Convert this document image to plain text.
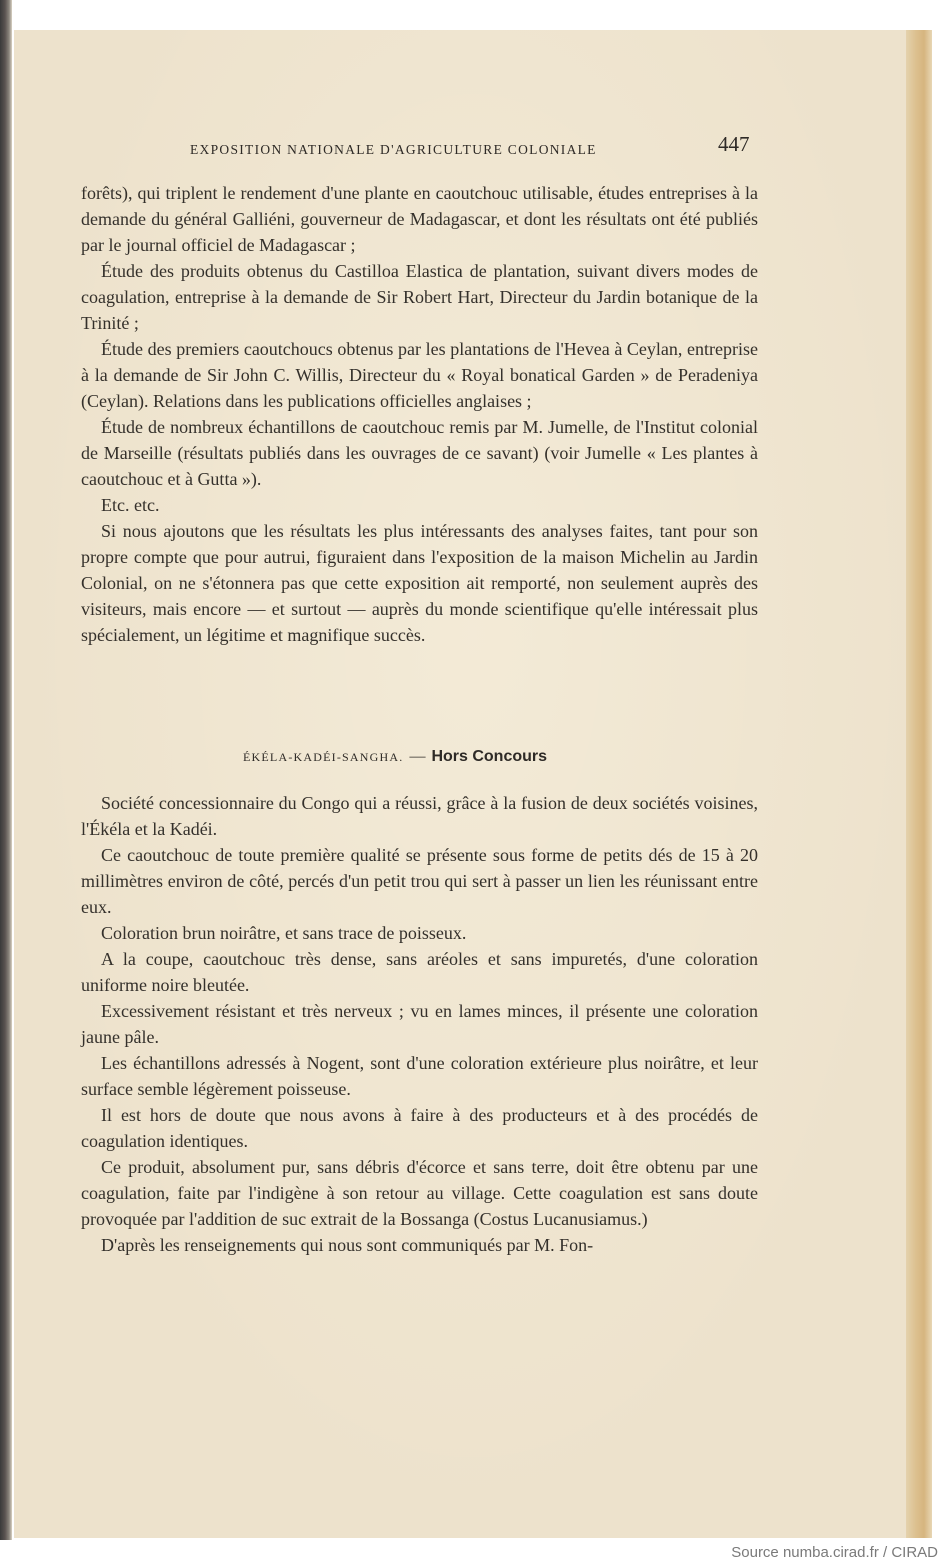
EXPOSITION NATIONALE D'AGRICULTURE COLONIALE	447

forêts), qui triplent le rendement d'une plante en caoutchouc utilisable, études entreprises à la demande du général Galliéni, gouverneur de Madagascar, et dont les résultats ont été publiés par le journal officiel de Madagascar ;

Étude des produits obtenus du Castilloa Elastica de plantation, suivant divers modes de coagulation, entreprise à la demande de Sir Robert Hart, Directeur du Jardin botanique de la Trinité ;

Étude des premiers caoutchoucs obtenus par les plantations de l'Hevea à Ceylan, entreprise à la demande de Sir John C. Willis, Directeur du « Royal bonatical Garden » de Peradeniya (Ceylan). Relations dans les publications officielles anglaises ;

Étude de nombreux échantillons de caoutchouc remis par M. Jumelle, de l'Institut colonial de Marseille (résultats publiés dans les ouvrages de ce savant) (voir Jumelle « Les plantes à caoutchouc et à Gutta »).

Etc. etc.

Si nous ajoutons que les résultats les plus intéressants des analyses faites, tant pour son propre compte que pour autrui, figuraient dans l'exposition de la maison Michelin au Jardin Colonial, on ne s'étonnera pas que cette exposition ait remporté, non seulement auprès des visiteurs, mais encore — et surtout — auprès du monde scientifique qu'elle intéressait plus spécialement, un légitime et magnifique succès.

ÉKÉLA-KADÉI-SANGHA. — Hors Concours

Société concessionnaire du Congo qui a réussi, grâce à la fusion de deux sociétés voisines, l'Ékéla et la Kadéi.

Ce caoutchouc de toute première qualité se présente sous forme de petits dés de 15 à 20 millimètres environ de côté, percés d'un petit trou qui sert à passer un lien les réunissant entre eux.

Coloration brun noirâtre, et sans trace de poisseux.

A la coupe, caoutchouc très dense, sans aréoles et sans impuretés, d'une coloration uniforme noire bleutée.

Excessivement résistant et très nerveux ; vu en lames minces, il présente une coloration jaune pâle.

Les échantillons adressés à Nogent, sont d'une coloration extérieure plus noirâtre, et leur surface semble légèrement poisseuse.

Il est hors de doute que nous avons à faire à des producteurs et à des procédés de coagulation identiques.

Ce produit, absolument pur, sans débris d'écorce et sans terre, doit être obtenu par une coagulation, faite par l'indigène à son retour au village. Cette coagulation est sans doute provoquée par l'addition de suc extrait de la Bossanga (Costus Lucanusiamus.)

D'après les renseignements qui nous sont communiqués par M. Fon-

Source numba.cirad.fr / CIRAD
